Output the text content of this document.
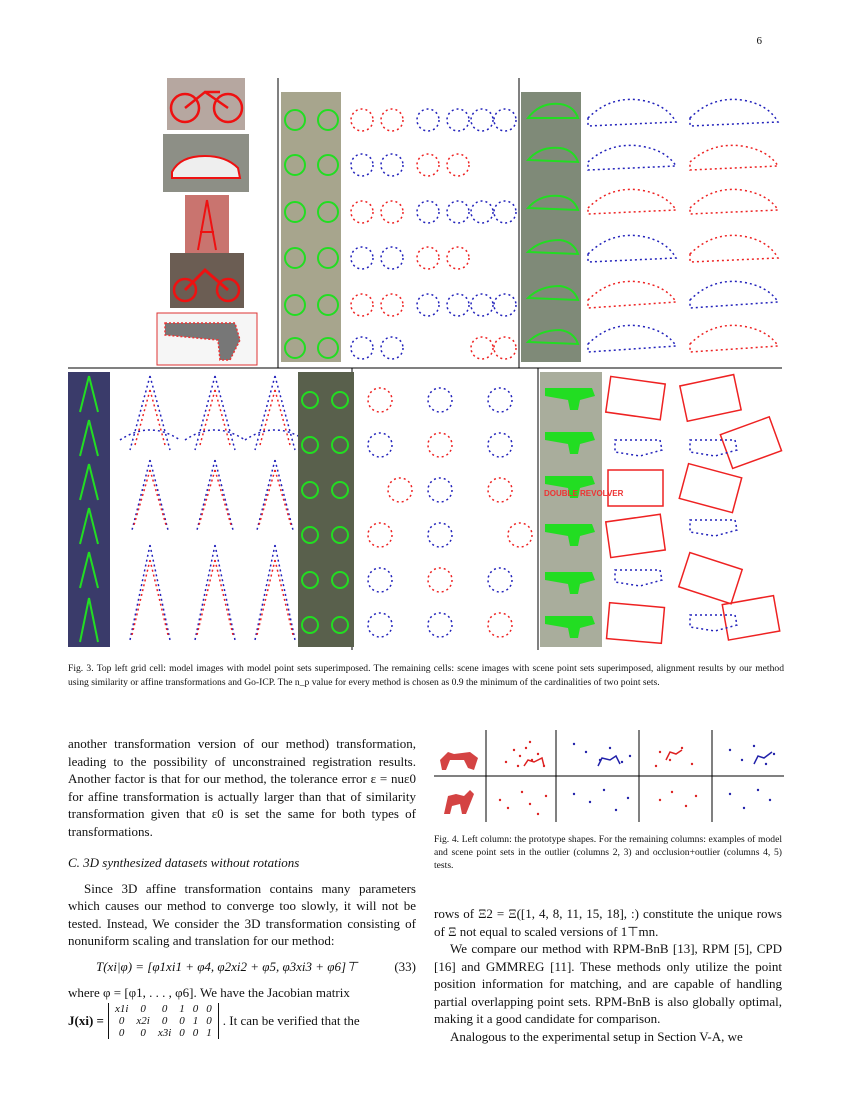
6
DOUBLE REVOLVER
Fig. 3. Top left grid cell: model images with model point sets superimposed. The remaining cells: scene images with scene point sets superimposed, alignment results by our method using similarity or affine transformations and Go-ICP. The n_p value for every method is chosen as 0.9 the minimum of the cardinalities of two point sets.
Fig. 4. Left column: the prototype shapes. For the remaining columns: examples of model and scene point sets in the outlier (columns 2, 3) and occlusion+outlier (columns 4, 5) tests.

another transformation version of our method) transformation, leading to the possibility of unconstrained registration results. Another factor is that for our method, the tolerance error ε = nuε0 for affine transformation is actually larger than that of similarity transformation given that ε0 is set the same for both types of transformations.

C. 3D synthesized datasets without rotations

Since 3D affine transformation contains many parameters which causes our method to converge too slowly, it will not be tested. Instead, We consider the 3D transformation consisting of nonuniform scaling and translation for our method:

T(xi|φ) = [φ1xi1 + φ4, φ2xi2 + φ5, φ3xi3 + φ6]⊤	(33)

where φ = [φ1, . . . , φ6]. We have the Jacobian matrix

J(xi) =
x1i	0	0	1	0	0
0	x2i	0	0	1	0
0	0	x3i	0	0	1
. It can be verified that the

rows of Ξ2 = Ξ([1, 4, 8, 11, 15, 18], :) constitute the unique rows of Ξ not equal to scaled versions of 1⊤mn.

We compare our method with RPM-BnB [13], RPM [5], CPD [16] and GMMREG [11]. These methods only utilize the point position information for matching, and are capable of handling partial overlapping point sets. RPM-BnB is also globally optimal, making it a good candidate for comparison.

Analogous to the experimental setup in Section V-A, we
